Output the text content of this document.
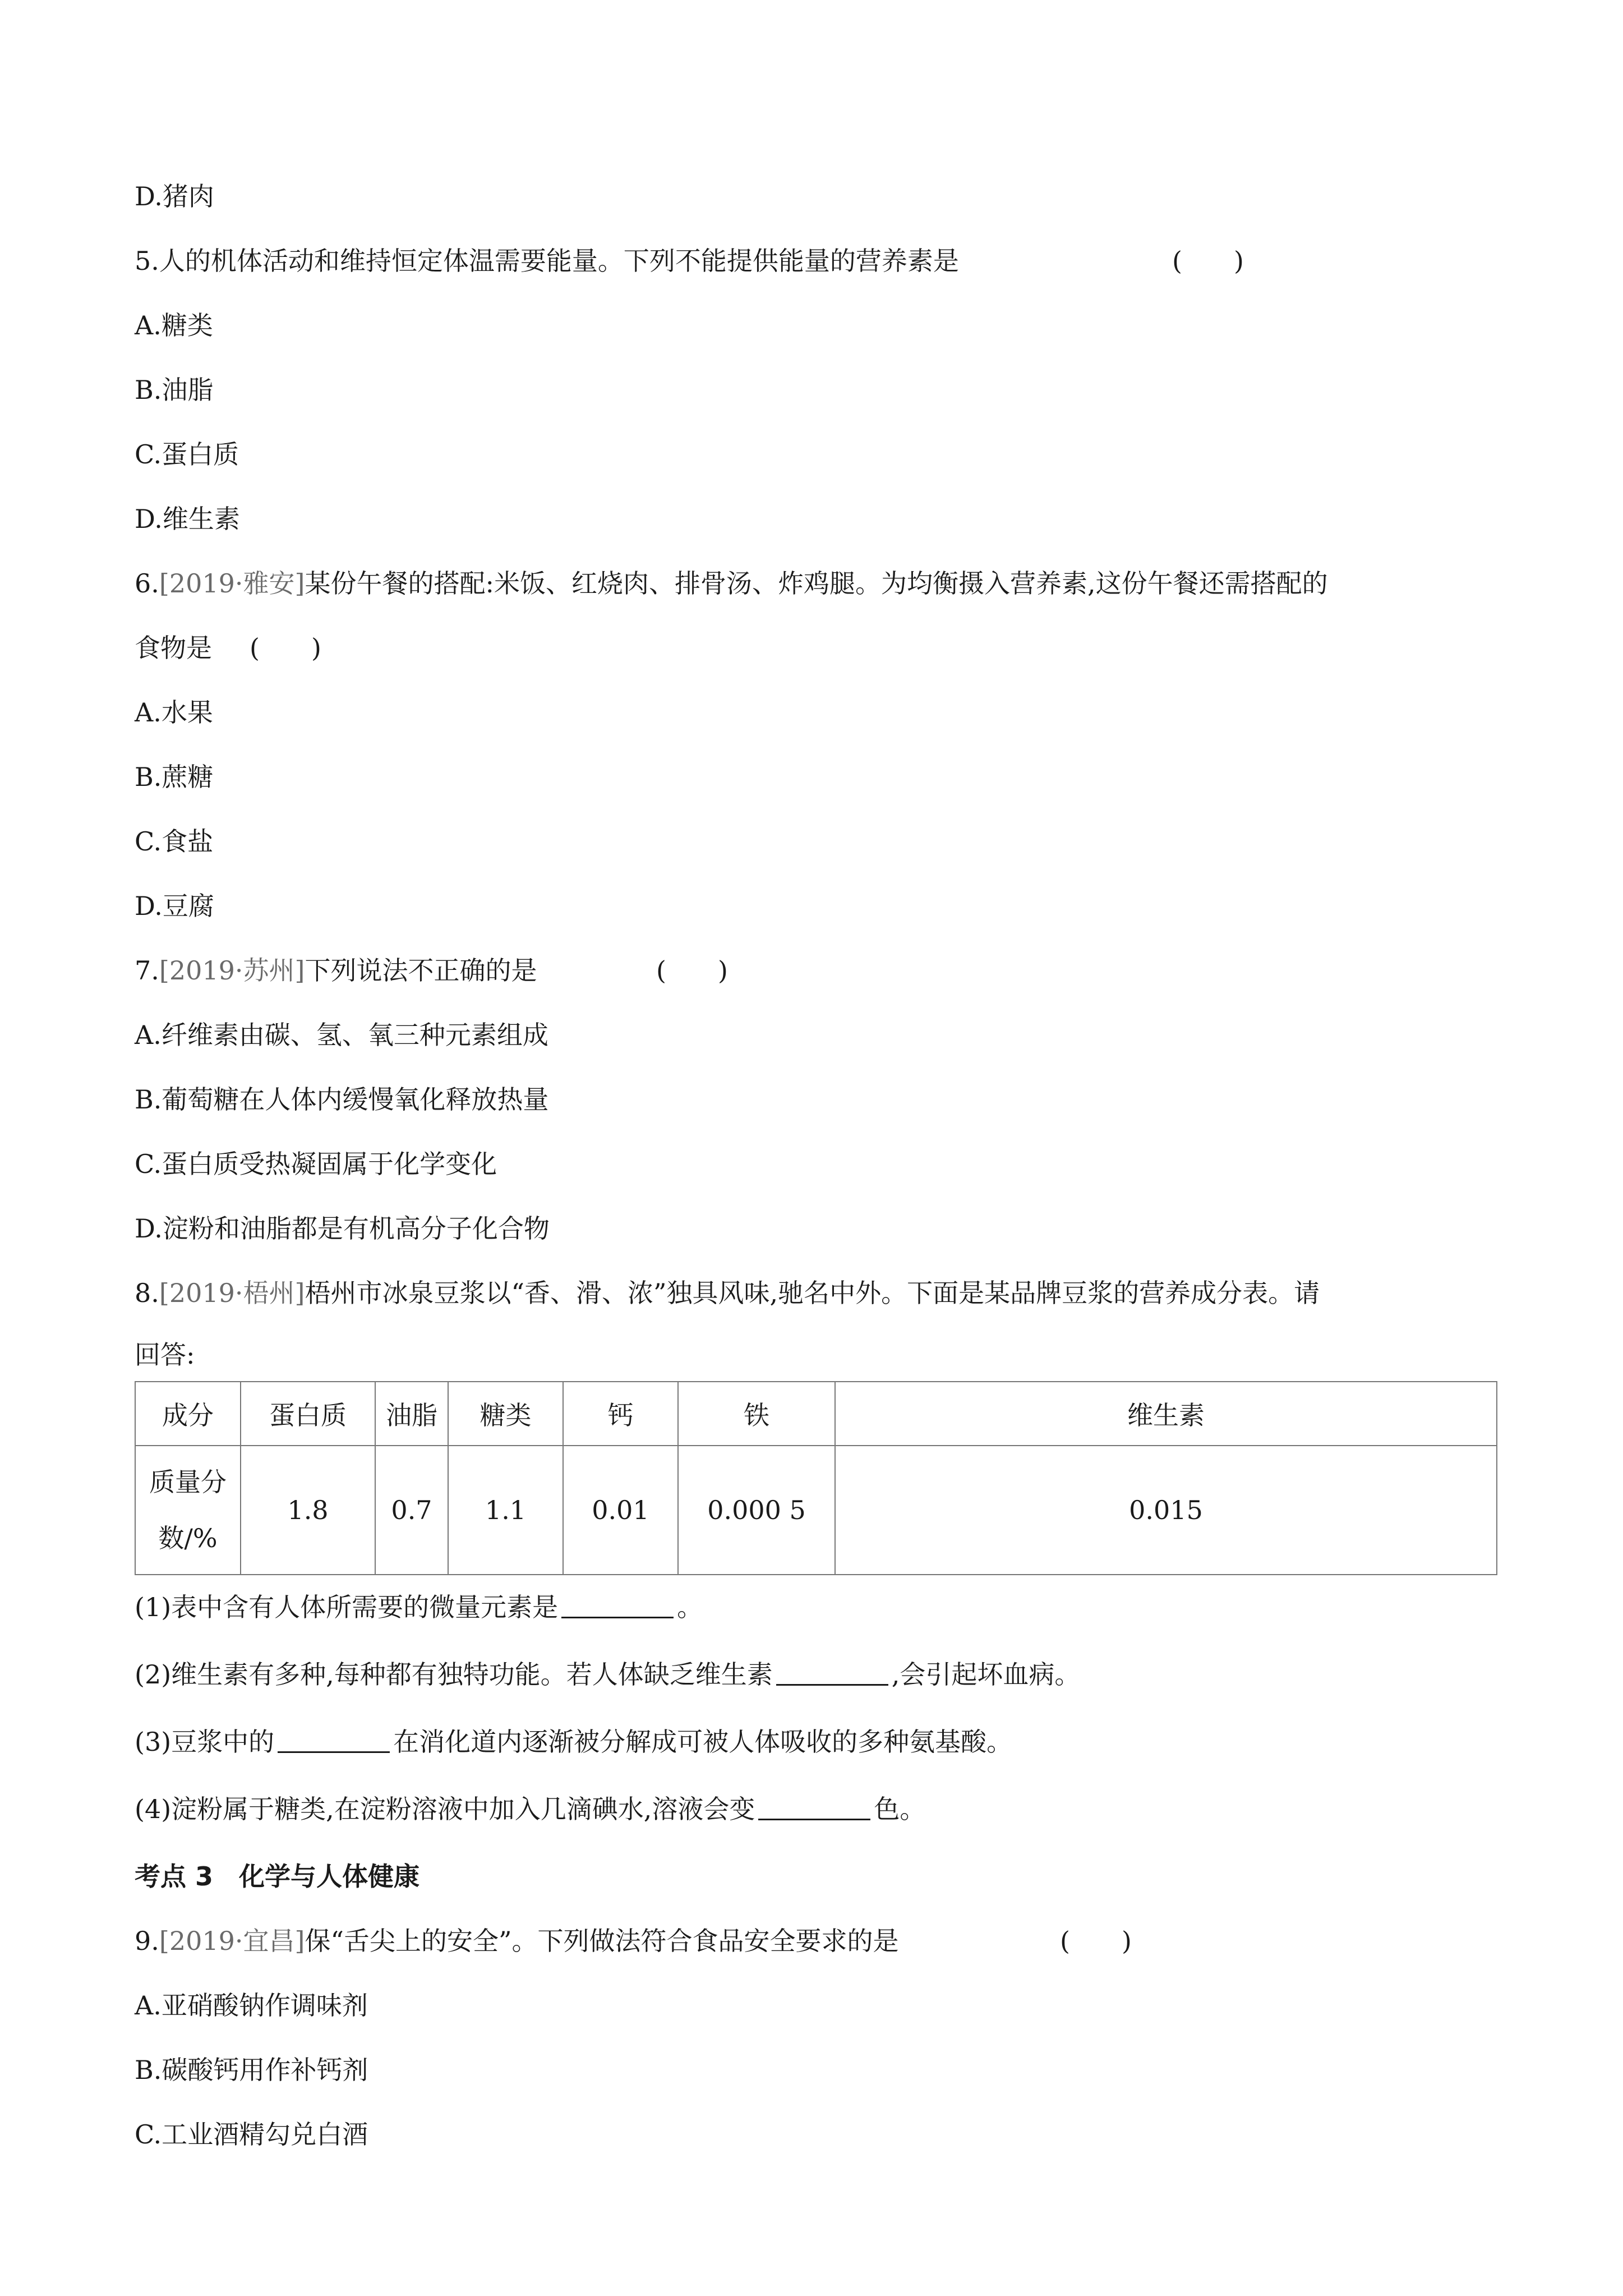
D.猪肉
5.人的机体活动和维持恒定体温需要能量。下列不能提供能量的营养素是	(　　)
A.糖类
B.油脂
C.蛋白质
D.维生素
6.[2019·雅安]某份午餐的搭配:米饭、红烧肉、排骨汤、炸鸡腿。为均衡摄入营养素,这份午餐还需搭配的
食物是 (　　)
A.水果
B.蔗糖
C.食盐
D.豆腐
7.[2019·苏州]下列说法不正确的是	(　　)
A.纤维素由碳、氢、氧三种元素组成
B.葡萄糖在人体内缓慢氧化释放热量
C.蛋白质受热凝固属于化学变化
D.淀粉和油脂都是有机高分子化合物
8.[2019·梧州]梧州市冰泉豆浆以“香、滑、浓”独具风味,驰名中外。下面是某品牌豆浆的营养成分表。请
回答:
成分	蛋白质	油脂	糖类	钙	铁	维生素
质量分
数/%	1.8	0.7	1.1	0.01	0.000 5	0.015
(1)表中含有人体所需要的微量元素是	。
(2)维生素有多种,每种都有独特功能。若人体缺乏维生素	,会引起坏血病。
(3)豆浆中的	在消化道内逐渐被分解成可被人体吸收的多种氨基酸。
(4)淀粉属于糖类,在淀粉溶液中加入几滴碘水,溶液会变	色。
考点 3　化学与人体健康
9.[2019·宜昌]保“舌尖上的安全”。下列做法符合食品安全要求的是	(　　)
A.亚硝酸钠作调味剂
B.碳酸钙用作补钙剂
C.工业酒精勾兑白酒
